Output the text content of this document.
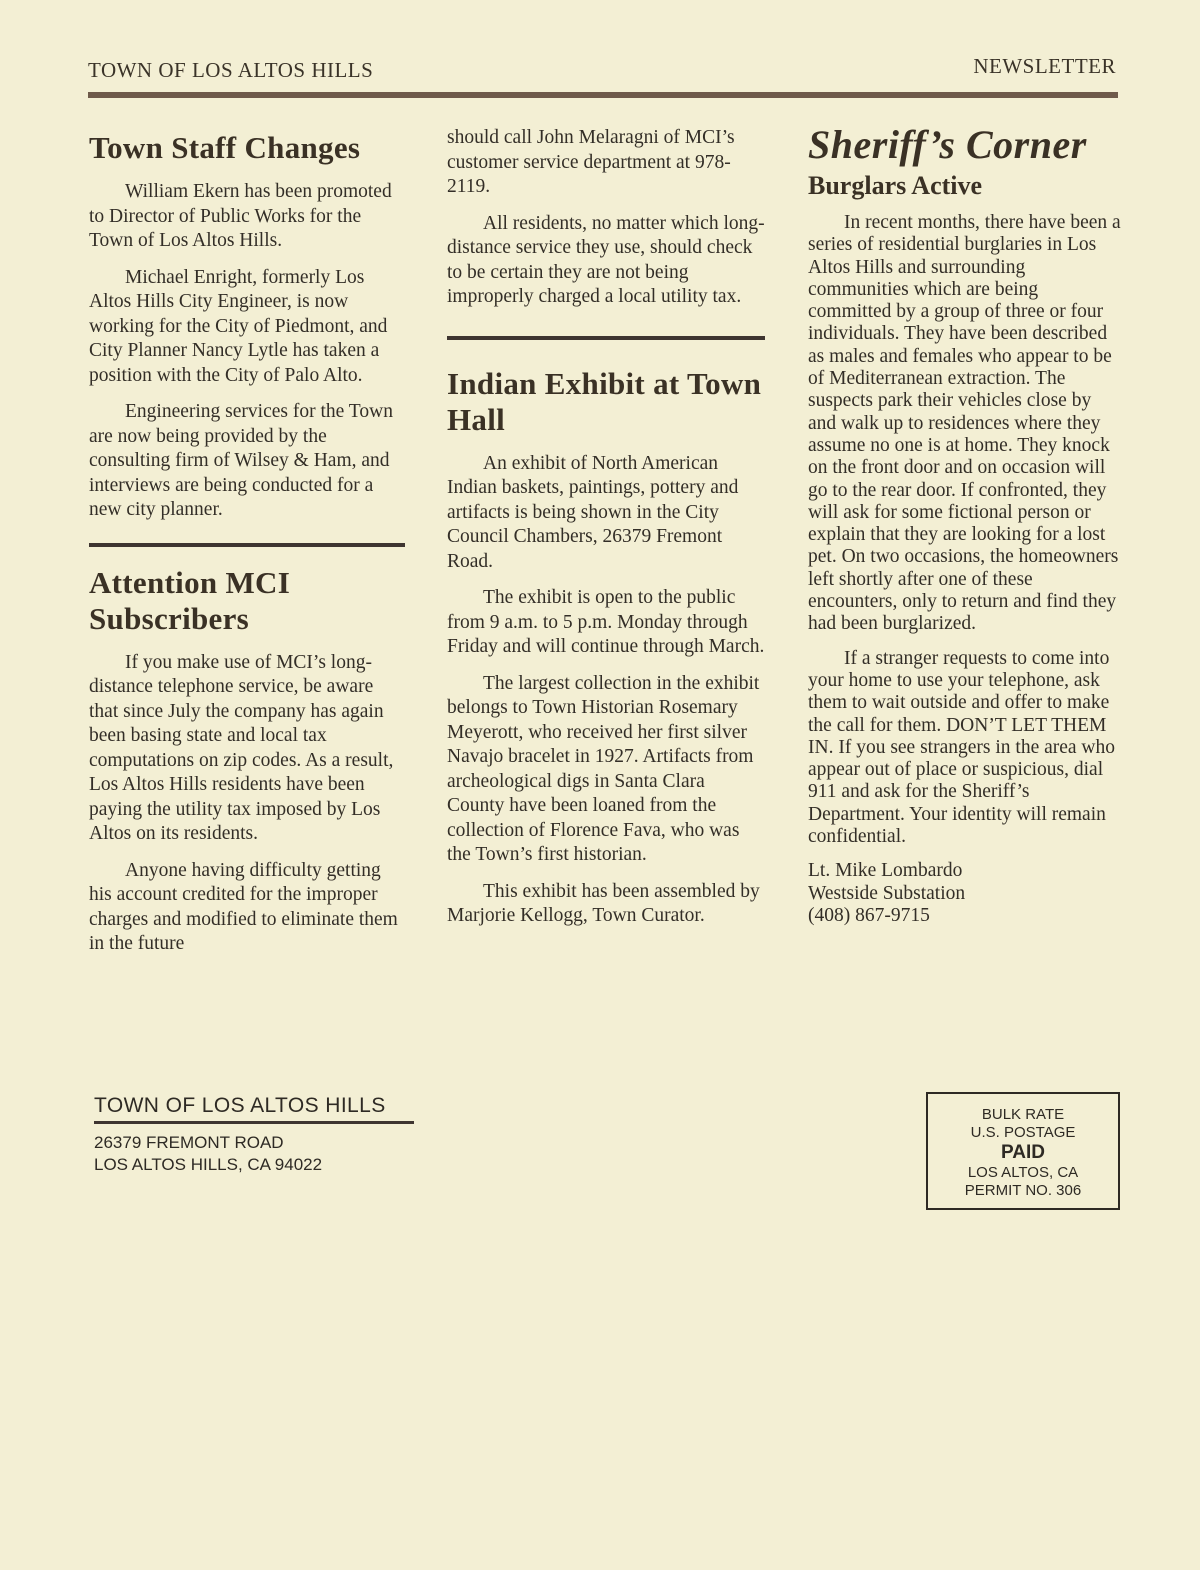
TOWN OF LOS ALTOS HILLS	NEWSLETTER
Town Staff Changes

William Ekern has been promoted to Director of Public Works for the Town of Los Altos Hills.

Michael Enright, formerly Los Altos Hills City Engineer, is now working for the City of Piedmont, and City Planner Nancy Lytle has taken a position with the City of Palo Alto.

Engineering services for the Town are now being provided by the consulting firm of Wilsey & Ham, and interviews are being conducted for a new city planner.

Attention MCI Subscribers

If you make use of MCI’s long-distance telephone service, be aware that since July the company has again been basing state and local tax computations on zip codes. As a result, Los Altos Hills residents have been paying the utility tax imposed by Los Altos on its residents.

Anyone having difficulty getting his account credited for the improper charges and modified to eliminate them in the future

should call John Melaragni of MCI’s customer service department at 978-2119.

All residents, no matter which long-distance service they use, should check to be certain they are not being improperly charged a local utility tax.

Indian Exhibit at Town Hall

An exhibit of North American Indian baskets, paintings, pottery and artifacts is being shown in the City Council Chambers, 26379 Fremont Road.

The exhibit is open to the public from 9 a.m. to 5 p.m. Monday through Friday and will continue through March.

The largest collection in the exhibit belongs to Town Historian Rosemary Meyerott, who received her first silver Navajo bracelet in 1927. Artifacts from archeological digs in Santa Clara County have been loaned from the collection of Florence Fava, who was the Town’s first historian.

This exhibit has been assembled by Marjorie Kellogg, Town Curator.

Sheriff’s Corner
Burglars Active

In recent months, there have been a series of residential burglaries in Los Altos Hills and surrounding communities which are being committed by a group of three or four individuals. They have been described as males and females who appear to be of Mediterranean extraction. The suspects park their vehicles close by and walk up to residences where they assume no one is at home. They knock on the front door and on occasion will go to the rear door. If confronted, they will ask for some fictional person or explain that they are looking for a lost pet. On two occasions, the homeowners left shortly after one of these encounters, only to return and find they had been burglarized.

If a stranger requests to come into your home to use your telephone, ask them to wait outside and offer to make the call for them. DON’T LET THEM IN. If you see strangers in the area who appear out of place or suspicious, dial 911 and ask for the Sheriff’s Department. Your identity will remain confidential.

Lt. Mike Lombardo

Westside Substation

(408) 867-9715

TOWN OF LOS ALTOS HILLS
26379 FREMONT ROAD
LOS ALTOS HILLS, CA 94022
BULK RATE
U.S. POSTAGE
PAID
LOS ALTOS, CA
PERMIT NO. 306
